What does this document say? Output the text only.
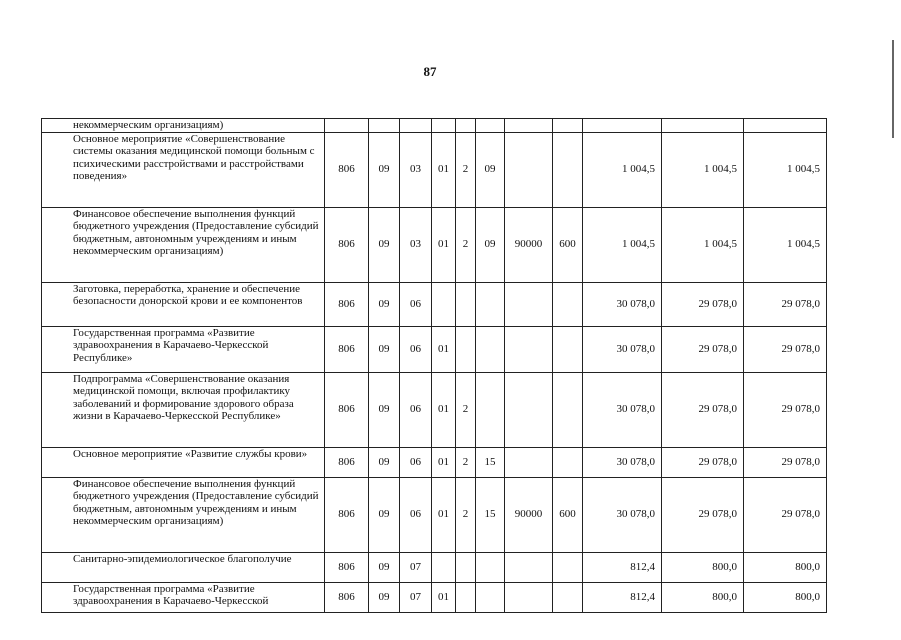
87
некоммерческим организациям)											
Основное мероприятие «Совершенствование системы оказания медицинской помощи больным с психическими расстройствами и расстройствами поведения»	806	09	03	01	2	09			1 004,5	1 004,5	1 004,5
Финансовое обеспечение выполнения функций бюджетного учреждения (Предоставление субсидий бюджетным, автономным учреждениям и иным некоммерческим организациям)	806	09	03	01	2	09	90000	600	1 004,5	1 004,5	1 004,5
Заготовка, переработка, хранение и обеспечение безопасности донорской крови и ее компонентов	806	09	06						30 078,0	29 078,0	29 078,0
Государственная программа «Развитие здравоохранения в Карачаево-Черкесской Республике»	806	09	06	01					30 078,0	29 078,0	29 078,0
Подпрограмма «Совершенствование оказания медицинской помощи, включая профилактику заболеваний и формирование здорового образа жизни в Карачаево-Черкесской Республике»	806	09	06	01	2				30 078,0	29 078,0	29 078,0
Основное мероприятие «Развитие службы крови»	806	09	06	01	2	15			30 078,0	29 078,0	29 078,0
Финансовое обеспечение выполнения функций бюджетного учреждения (Предоставление субсидий бюджетным, автономным учреждениям и иным некоммерческим организациям)	806	09	06	01	2	15	90000	600	30 078,0	29 078,0	29 078,0
Санитарно-эпидемиологическое благополучие	806	09	07						812,4	800,0	800,0
Государственная программа «Развитие здравоохранения в Карачаево-Черкесской	806	09	07	01					812,4	800,0	800,0
